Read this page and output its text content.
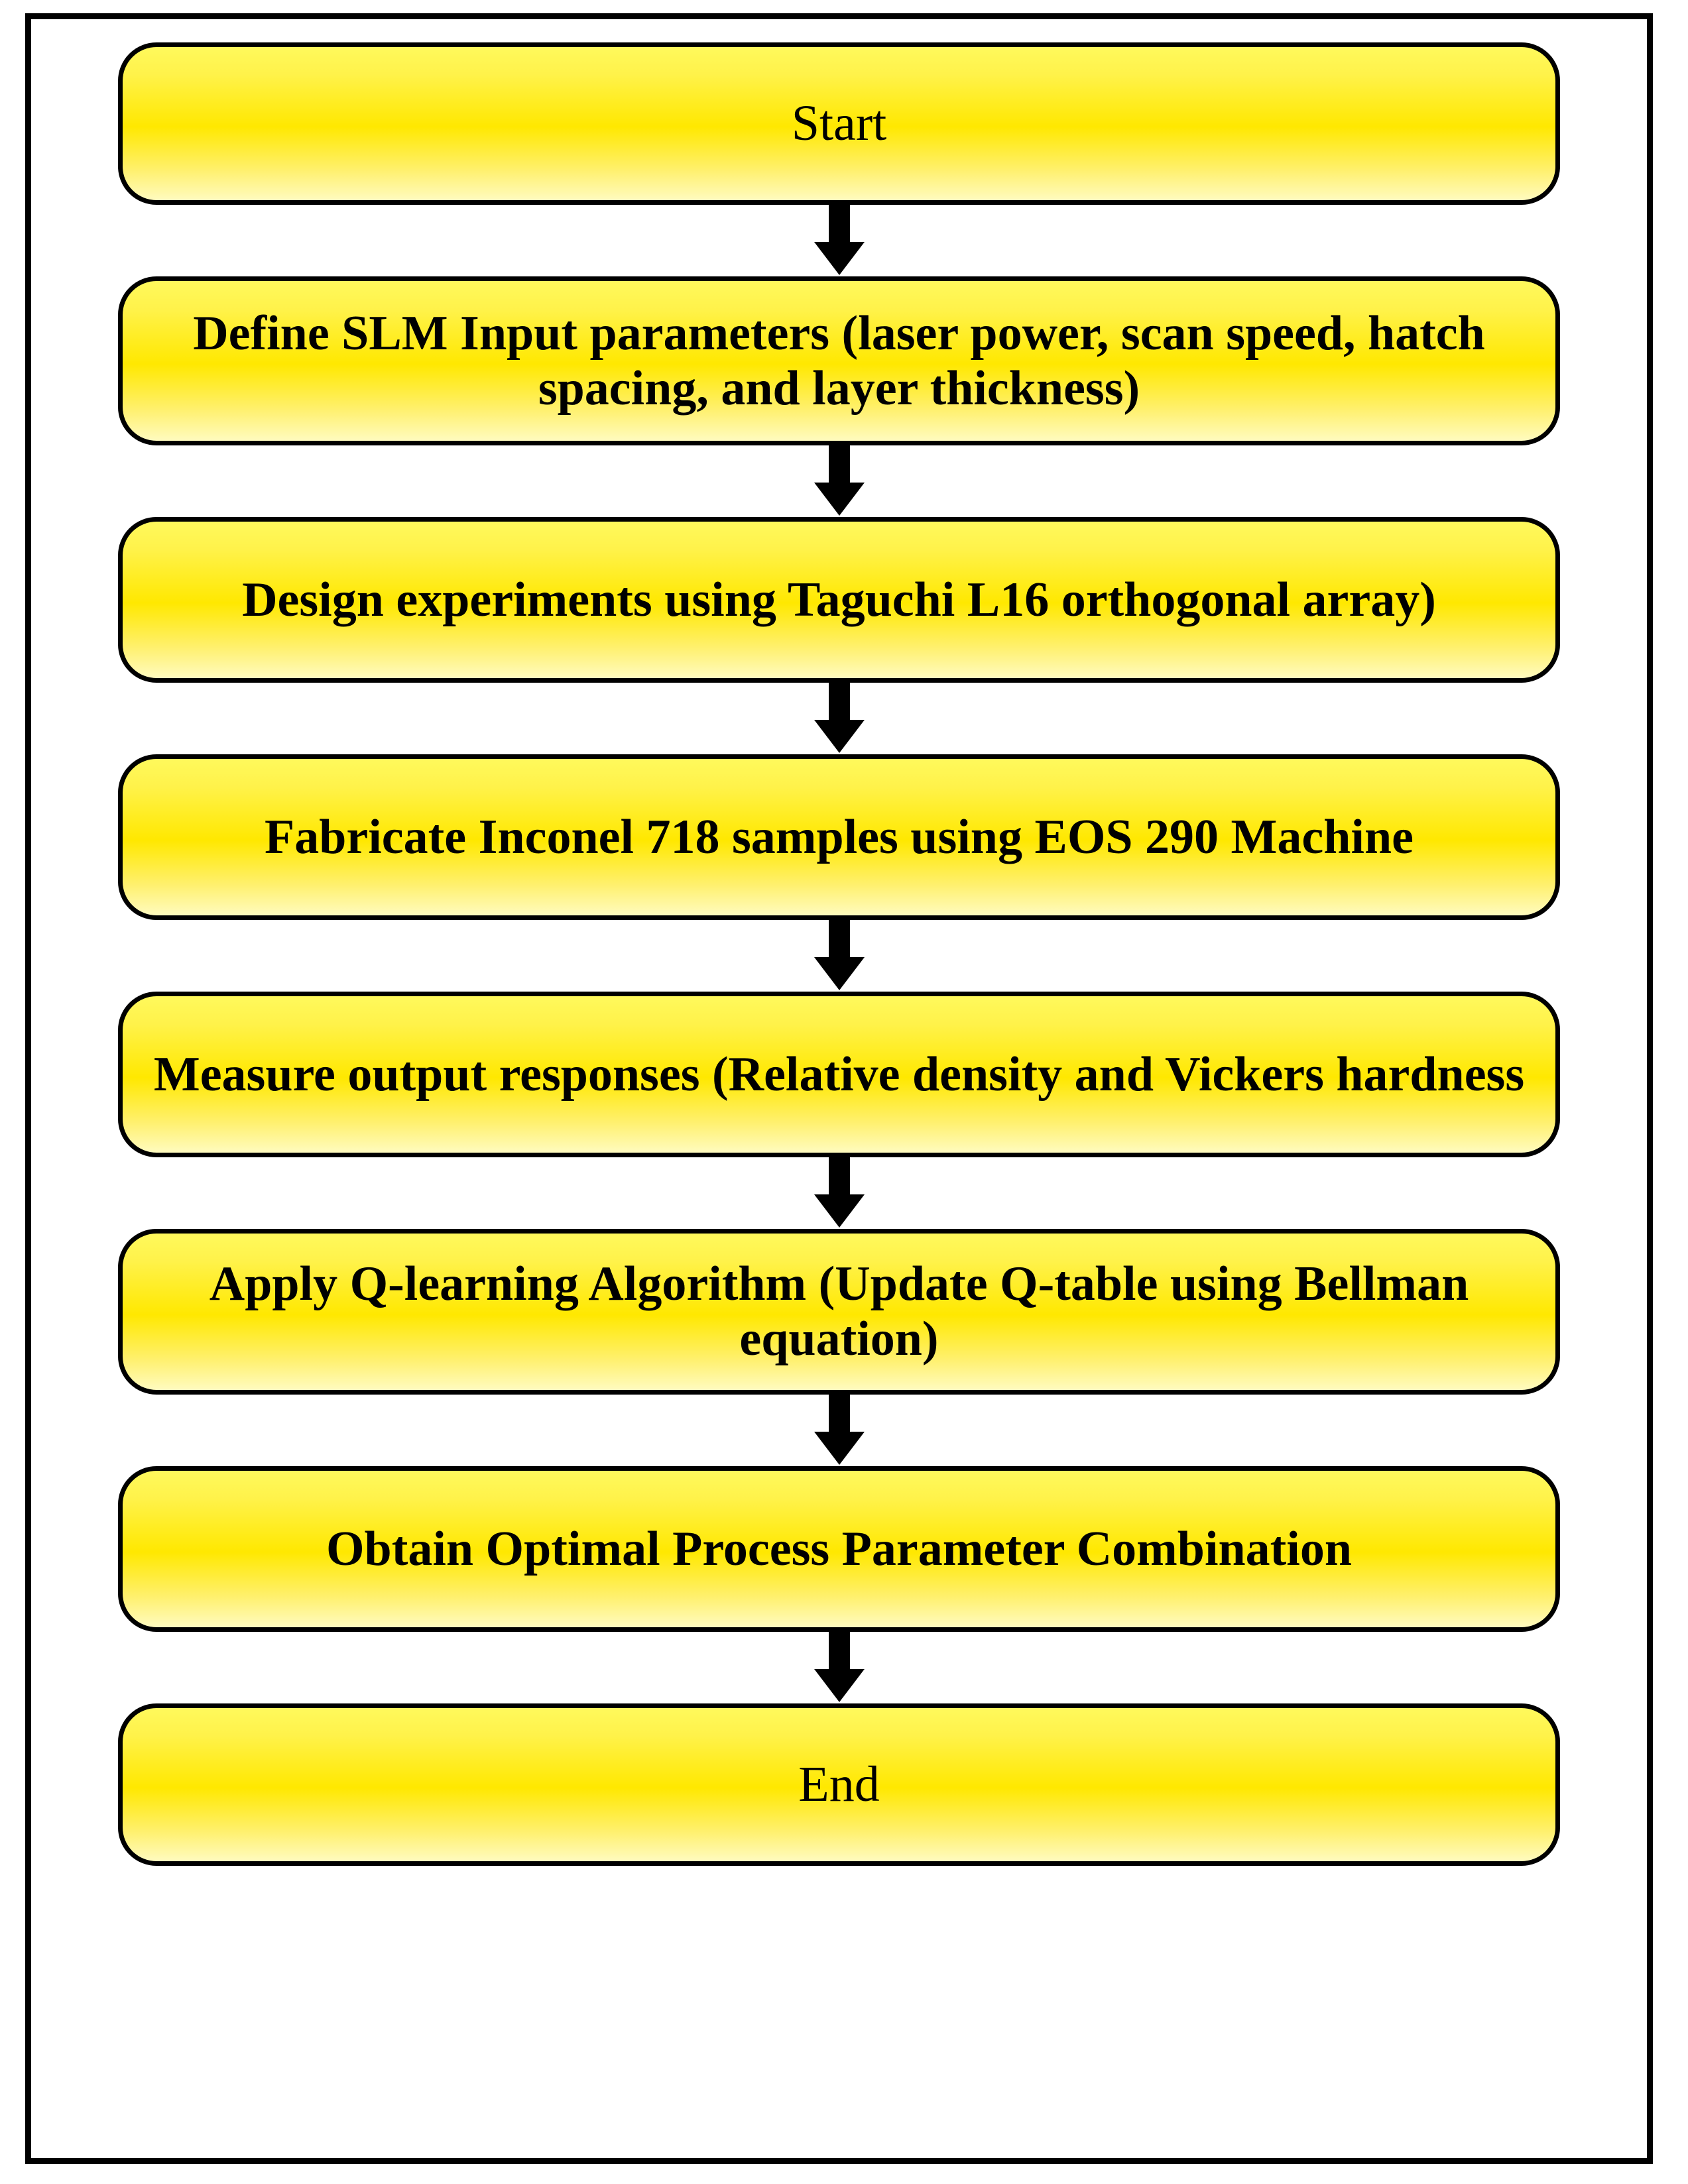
Start
Define SLM Input parameters (laser power, scan speed, hatch spacing, and layer thickness)
Design experiments using Taguchi L16 orthogonal array)
Fabricate Inconel 718 samples using EOS 290 Machine
Measure output responses (Relative density and Vickers hardness
Apply Q-learning Algorithm (Update Q-table using Bellman equation)
Obtain Optimal Process Parameter Combination
End
